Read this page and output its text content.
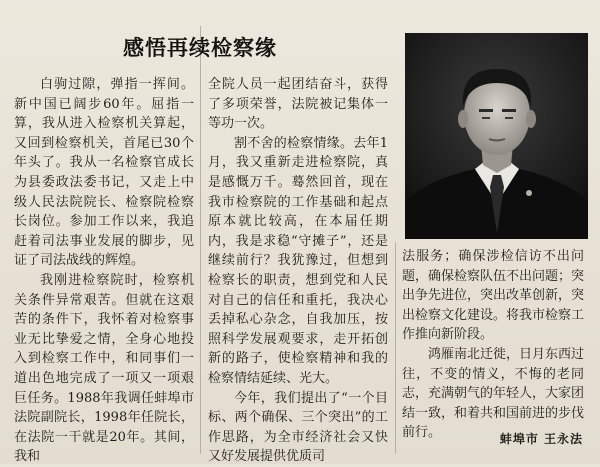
感悟再续检察缘

白驹过隙，弹指一挥间。新中国已阔步60年。屈指一算，我从进入检察机关算起，又回到检察机关，首尾已30个年头了。我从一名检察官成长为县委政法委书记，又走上中级人民法院院长、检察院检察长岗位。参加工作以来，我追赶着司法事业发展的脚步，见证了司法战线的辉煌。

我刚进检察院时，检察机关条件异常艰苦。但就在这艰苦的条件下，我怀着对检察事业无比挚爱之情，全身心地投入到检察工作中，和同事们一道出色地完成了一项又一项艰巨任务。1988年我调任蚌埠市法院副院长，1998年任院长，在法院一干就是20年。其间，我和

全院人员一起团结奋斗，获得了多项荣誉，法院被记集体一等功一次。

割不舍的检察情缘。去年1月，我又重新走进检察院，真是感慨万千。蓦然回首，现在我市检察院的工作基础和起点原本就比较高，在本届任期内，我是求稳“守摊子”，还是继续前行？我犹豫过，但想到检察长的职责，想到党和人民对自己的信任和重托，我决心丢掉私心杂念，自我加压，按照科学发展观要求，走开拓创新的路子，使检察精神和我的检察情结延续、光大。

今年，我们提出了“一个目标、两个确保、三个突出”的工作思路，为全市经济社会又快又好发展提供优质司

法服务；确保涉检信访不出问题，确保检察队伍不出问题；突出争先进位，突出改革创新，突出检察文化建设。将我市检察工作推向新阶段。

鸿雁南北迁徙，日月东西过往，不变的情义，不悔的老同志，充满朝气的年轻人，大家团结一致，和着共和国前进的步伐前行。	蚌埠市 王永法
